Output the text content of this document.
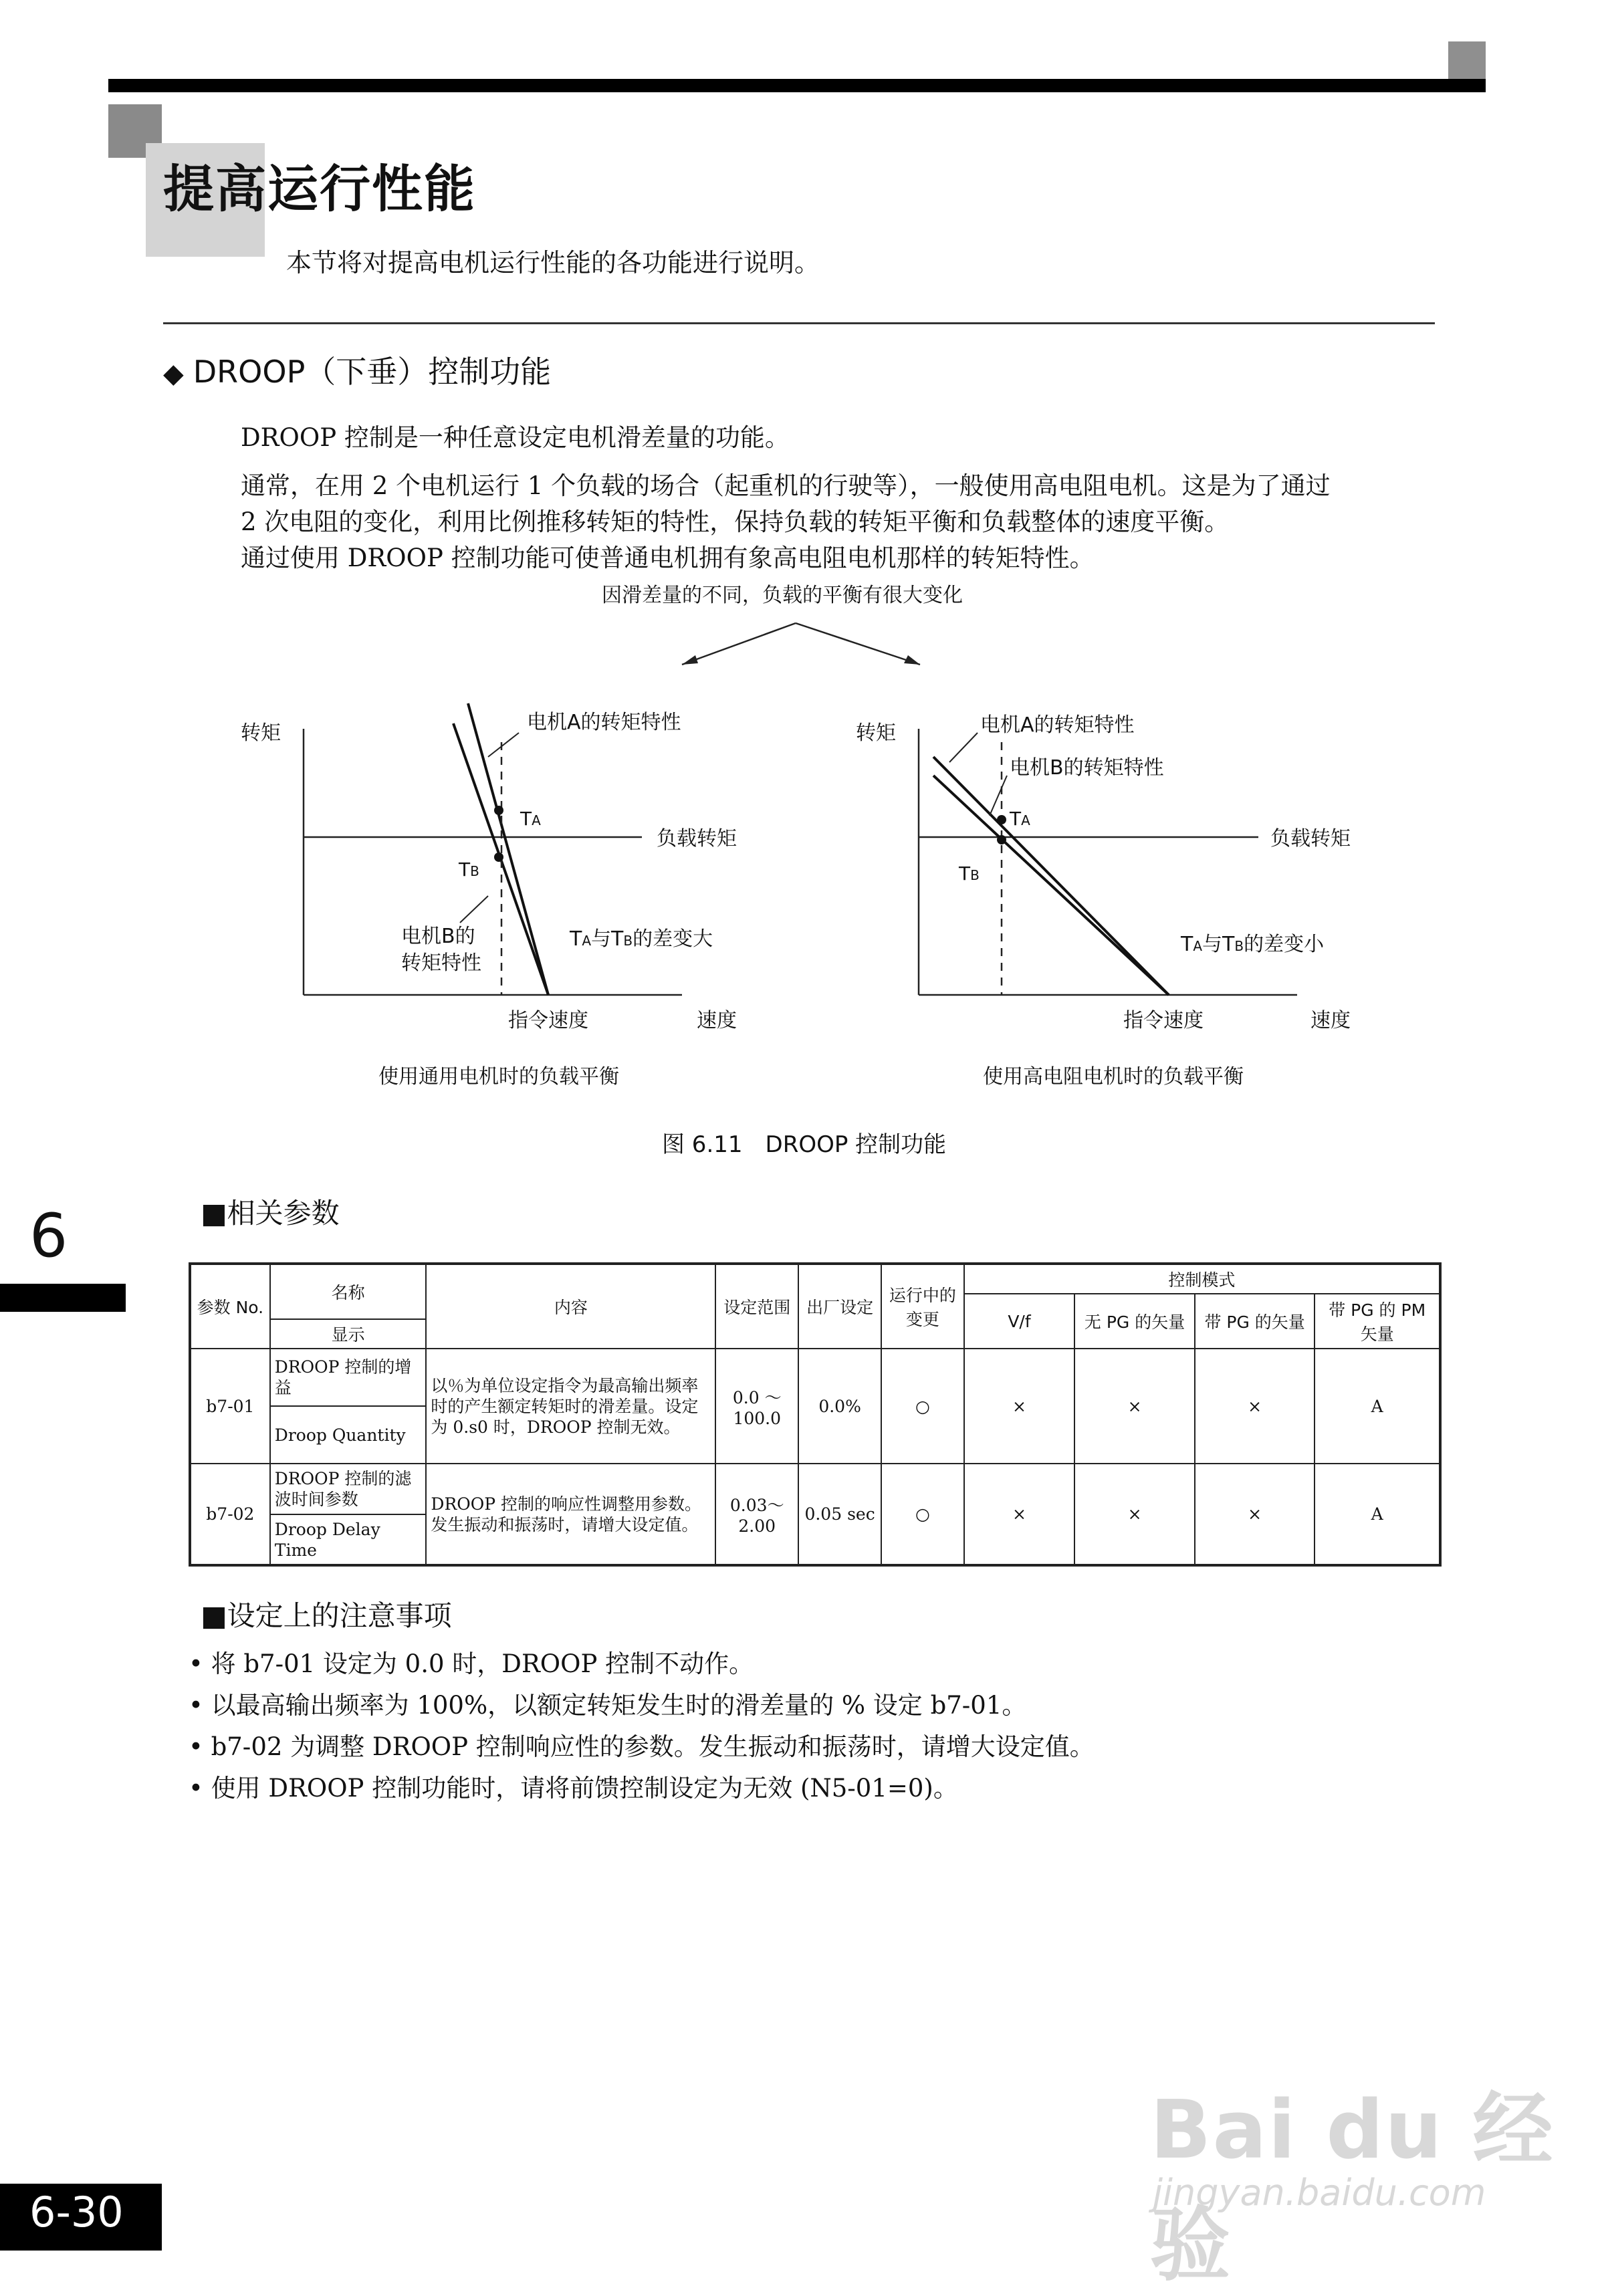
提高运行性能
本节将对提高电机运行性能的各功能进行说明。
◆ DROOP（下垂）控制功能
DROOP 控制是一种任意设定电机滑差量的功能。
通常，在用 2 个电机运行 1 个负载的场合（起重机的行驶等），一般使用高电阻电机。这是为了通过
2 次电阻的变化，利用比例推移转矩的特性，保持负载的转矩平衡和负载整体的速度平衡。
通过使用 DROOP 控制功能可使普通电机拥有象高电阻电机那样的转矩特性。
因滑差量的不同，负载的平衡有很大变化
转矩	电机A的转矩特性
TA
TB
负载转矩
电机B的
转矩特性
TA与TB的差变大
指令速度	速度
使用通用电机时的负载平衡
转矩	电机A的转矩特性
电机B的转矩特性
TA
TB
负载转矩
TA与TB的差变小
指令速度	速度
使用高电阻电机时的负载平衡
图 6.11　DROOP 控制功能
6	■相关参数
参数 No.	名称	内容	设定范围	出厂设定	运行中的变更	控制模式			
						V/f	无 PG 的矢量	带 PG 的矢量	带 PG 的 PM 矢量
	显示								
b7-01	DROOP 控制的增益	以％为单位设定指令为最高输出频率时的产生额定转矩时的滑差量。设定为 0.s0 时，DROOP 控制无效。	0.0 ～ 100.0	0.0%	○	×	×	×	A
	Droop Quantity								
b7-02	DROOP 控制的滤波时间参数	DROOP 控制的响应性调整用参数。发生振动和振荡时，请增大设定值。	0.03～ 2.00	0.05 sec	○	×	×	×	A
	Droop Delay Time								
■设定上的注意事项
• 将 b7-01 设定为 0.0 时，DROOP 控制不动作。
• 以最高输出频率为 100%，以额定转矩发生时的滑差量的 % 设定 b7-01。
• b7-02 为调整 DROOP 控制响应性的参数。发生振动和振荡时，请增大设定值。
• 使用 DROOP 控制功能时，请将前馈控制设定为无效 (N5-01=0)。
Bai du 经验
jingyan.baidu.com
6-30
